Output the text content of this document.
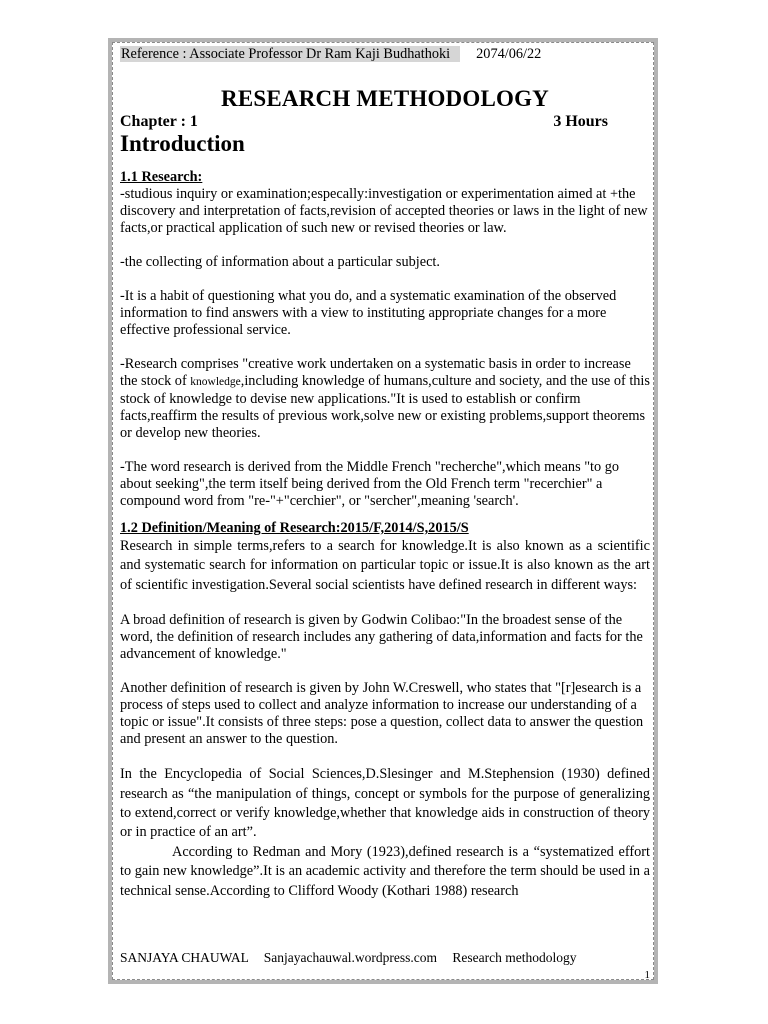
Reference : Associate Professor Dr Ram Kaji Budhathoki 2074/06/22
RESEARCH METHODOLOGY
Chapter : 1	3 Hours
Introduction
1.1 Research:

-studious inquiry or examination;especally:investigation or experimentation aimed at +the discovery and interpretation of facts,revision of accepted theories or laws in the light of new facts,or practical application of such new or revised theories or law.

-the collecting of information about a particular subject.

-It is a habit of questioning what you do, and a systematic examination of the observed information to find answers with a view to instituting appropriate changes for a more effective professional service.

-Research comprises "creative work undertaken on a systematic basis in order to increase the stock of knowledge,including knowledge of humans,culture and society, and the use of this stock of knowledge to devise new applications."It is used to establish or confirm facts,reaffirm the results of previous work,solve new or existing problems,support theorems or develop new theories.

-The word research is derived from the Middle French "recherche",which means "to go about seeking",the term itself being derived from the Old French term "recerchier" a compound word from "re-"+"cerchier", or "sercher",meaning 'search'.

1.2 Definition/Meaning of Research:2015/F,2014/S,2015/S

Research in simple terms,refers to a search for knowledge.It is also known as a scientific and systematic search for information on particular topic or issue.It is also known as the art of scientific investigation.Several social scientists have defined research in different ways:

A broad definition of research is given by Godwin Colibao:"In the broadest sense of the word, the definition of research includes any gathering of data,information and facts for the advancement of knowledge."

Another definition of research is given by John W.Creswell, who states that "[r]esearch is a process of steps used to collect and analyze information to increase our understanding of a topic or issue".It consists of three steps: pose a question, collect data to answer the question and present an answer to the question.

In the Encyclopedia of Social Sciences,D.Slesinger and M.Stephension (1930) defined research as “the manipulation of things, concept or symbols for the purpose of generalizing to extend,correct or verify knowledge,whether that knowledge aids in construction of theory or in practice of an art”.

According to Redman and Mory (1923),defined research is a “systematized effort to gain new knowledge”.It is an academic activity and therefore the term should be used in a technical sense.According to Clifford Woody (Kothari 1988) research

SANJAYA CHAUWAL Sanjayachauwal.wordpress.com Research methodology
1
